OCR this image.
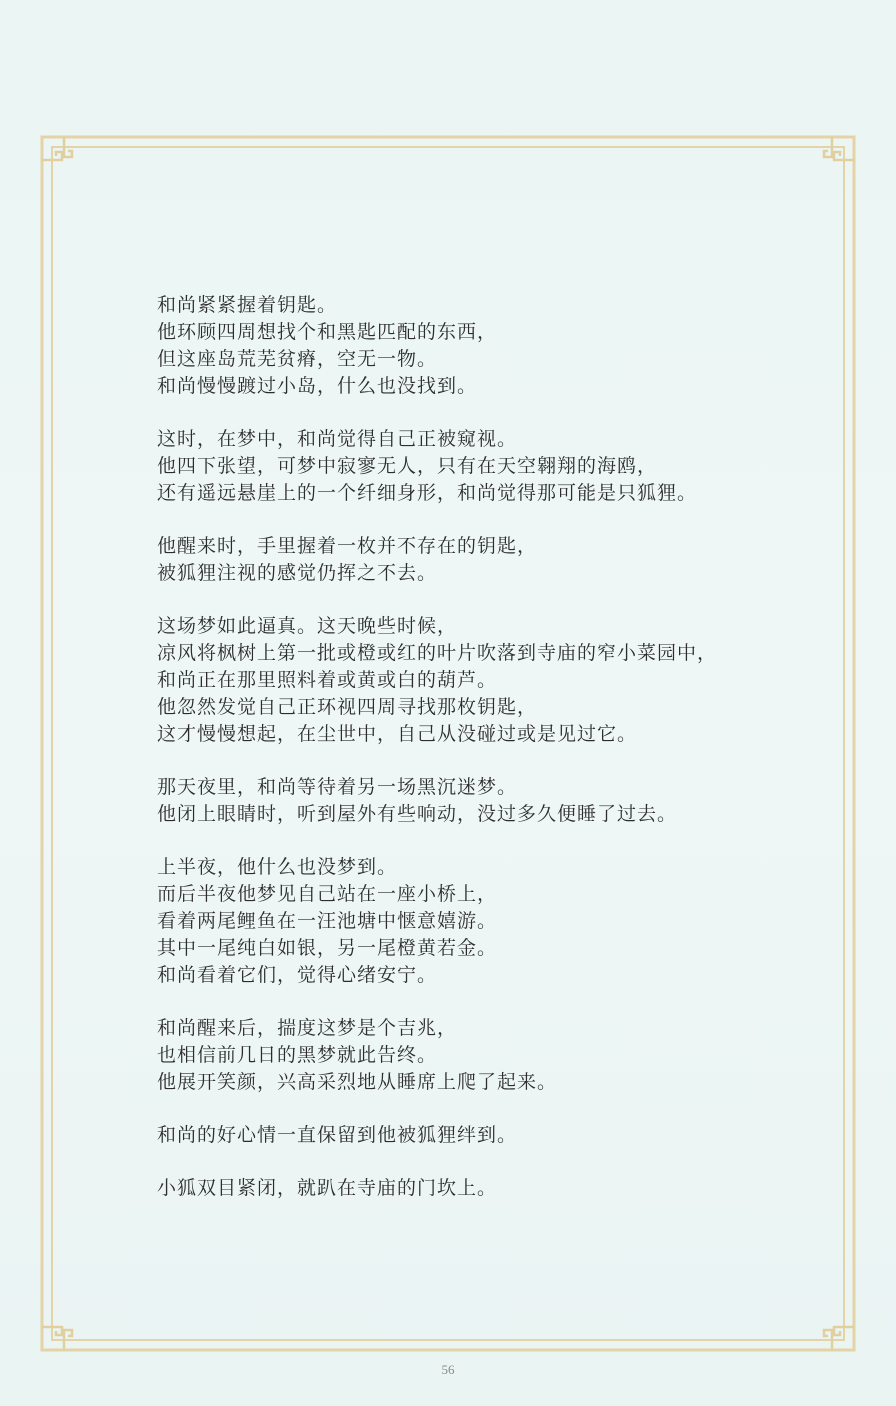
和尚紧紧握着钥匙。
他环顾四周想找个和黑匙匹配的东西，
但这座岛荒芜贫瘠，空无一物。
和尚慢慢踱过小岛，什么也没找到。
这时，在梦中，和尚觉得自己正被窥视。
他四下张望，可梦中寂寥无人，只有在天空翱翔的海鸥，
还有遥远悬崖上的一个纤细身形，和尚觉得那可能是只狐狸。
他醒来时，手里握着一枚并不存在的钥匙，
被狐狸注视的感觉仍挥之不去。
这场梦如此逼真。这天晚些时候，
凉风将枫树上第一批或橙或红的叶片吹落到寺庙的窄小菜园中，
和尚正在那里照料着或黄或白的葫芦。
他忽然发觉自己正环视四周寻找那枚钥匙，
这才慢慢想起，在尘世中，自己从没碰过或是见过它。
那天夜里，和尚等待着另一场黑沉迷梦。
他闭上眼睛时，听到屋外有些响动，没过多久便睡了过去。
上半夜，他什么也没梦到。
而后半夜他梦见自己站在一座小桥上，
看着两尾鲤鱼在一汪池塘中惬意嬉游。
其中一尾纯白如银，另一尾橙黄若金。
和尚看着它们，觉得心绪安宁。
和尚醒来后，揣度这梦是个吉兆，
也相信前几日的黑梦就此告终。
他展开笑颜，兴高采烈地从睡席上爬了起来。
和尚的好心情一直保留到他被狐狸绊到。
小狐双目紧闭，就趴在寺庙的门坎上。
56
